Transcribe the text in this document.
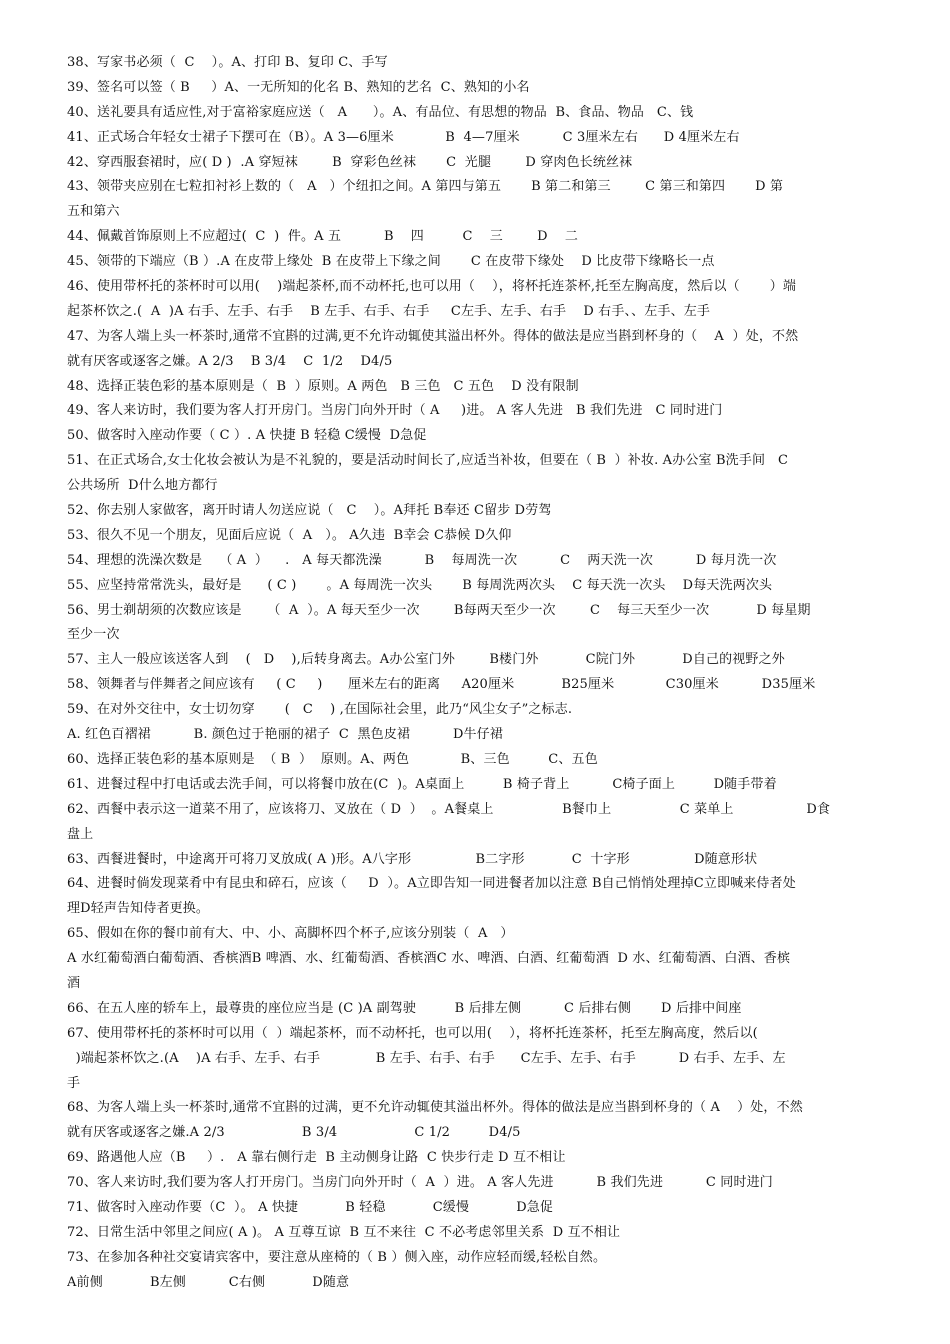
38、写家书必须（  C    ）。A、打印 B、复印 C、手写
39、签名可以签（ B     ）A、一无所知的化名 B、熟知的艺名  C、熟知的小名
40、送礼要具有适应性,对于富裕家庭应送（   A      ）。A、有品位、有思想的物品  B、食品、物品   C、钱
41、正式场合年轻女士裙子下摆可在（B）。A 3—6厘米            B  4—7厘米          C 3厘米左右      D 4厘米左右
42、穿西服套裙时，应( D )  .A 穿短袜        B  穿彩色丝袜       C  光腿        D 穿肉色长统丝袜
43、领带夹应别在七粒扣衬衫上数的（   A   ）个纽扣之间。A 第四与第五       B 第二和第三        C 第三和第四       D 第
五和第六
44、佩戴首饰原则上不应超过(  C  )  件。A 五          B    四         C    三        D    二
45、领带的下端应（B ）.A 在皮带上缘处  B 在皮带上下缘之间       C 在皮带下缘处    D 比皮带下缘略长一点
46、使用带杯托的茶杯时可以用(    )端起茶杯,而不动杯托,也可以用（    ），将杯托连茶杯,托至左胸高度，然后以（       ）端
起茶杯饮之.(  A  )A 右手、左手、右手    B 左手、右手、右手     C左手、左手、右手    D 右手、、左手、左手
47、为客人端上头一杯茶时,通常不宜斟的过满,更不允许动辄使其溢出杯外。得体的做法是应当斟到杯身的（    A  ）处，不然
就有厌客或逐客之嫌。A 2/3    B 3/4    C  1/2    D4/5
48、选择正装色彩的基本原则是（  B  ）原则。A 两色   B 三色   C 五色    D 没有限制
49、客人来访时，我们要为客人打开房门。当房门向外开时（ A     )进。 A 客人先进   B 我们先进   C 同时进门
50、做客时入座动作要（ C ）. A 快捷 B 轻稳 C缓慢  D急促
51、在正式场合,女士化妆会被认为是不礼貌的，要是活动时间长了,应适当补妆，但要在（ B  ）补妆. A办公室 B洗手间   C
公共场所  D什么地方都行
52、你去别人家做客，离开时请人勿送应说（   C    ）。A拜托 B奉还 C留步 D劳驾
53、很久不见一个朋友，见面后应说（  A   ）。 A久违  B幸会 C恭候 D久仰
54、理想的洗澡次数是    （ A  ）    .   A 每天都洗澡          B    每周洗一次          C    两天洗一次          D 每月洗一次
55、应坚持常常洗头，最好是      ( C )       。A 每周洗一次头       B 每周洗两次头    C 每天洗一次头    D每天洗两次头
56、男士剃胡须的次数应该是      （  A  ）。A 每天至少一次        B每两天至少一次        C    每三天至少一次           D 每星期
至少一次
57、主人一般应该送客人到    (   D    ),后转身离去。A办公室门外        B楼门外           C院门外           D自己的视野之外
58、领舞者与伴舞者之间应该有     ( C     )      厘米左右的距离     A20厘米           B25厘米            C30厘米          D35厘米
59、在对外交往中，女士切勿穿       (   C    ) ,在国际社会里，此乃“风尘女子”之标志.
A. 红色百褶裙          B. 颜色过于艳丽的裙子  C  黑色皮裙          D牛仔裙
60、选择正装色彩的基本原则是  （ B  ）  原则。A、两色            B、三色         C、五色
61、进餐过程中打电话或去洗手间，可以将餐巾放在(C  )。A桌面上         B 椅子背上          C椅子面上         D随手带着
62、西餐中表示这一道菜不用了，应该将刀、叉放在（ D  ）  。A餐桌上                B餐巾上                C 菜单上                 D食
盘上
63、西餐进餐时，中途离开可将刀叉放成( A )形。A八字形               B二字形           C  十字形               D随意形状
64、进餐时倘发现菜肴中有昆虫和碎石，应该（     D  ）。A立即告知一同进餐者加以注意 B自己悄悄处理掉C立即喊来侍者处
理D轻声告知侍者更换。
65、假如在你的餐巾前有大、中、小、高脚杯四个杯子,应该分别装（  A   ）
A 水红葡萄酒白葡萄酒、香槟酒B 啤酒、水、红葡萄酒、香槟酒C 水、啤酒、白酒、红葡萄酒  D 水、红葡萄酒、白酒、香槟
酒
66、在五人座的轿车上，最尊贵的座位应当是 (C )A 副驾驶         B 后排左侧          C 后排右侧       D 后排中间座
67、使用带杯托的茶杯时可以用（  ）端起茶杯，而不动杯托，也可以用(    ），将杯托连茶杯，托至左胸高度，然后以(
)端起茶杯饮之.(A    )A 右手、左手、右手             B 左手、右手、右手      C左手、左手、右手          D 右手、左手、左
手
68、为客人端上头一杯茶时,通常不宜斟的过满，更不允许动辄使其溢出杯外。得体的做法是应当斟到杯身的（ A    ）处，不然
就有厌客或逐客之嫌.A 2/3                  B 3/4                  C 1/2         D4/5
69、路遇他人应（B     ）.   A 靠右侧行走  B 主动侧身让路  C 快步行走 D 互不相让
70、客人来访时,我们要为客人打开房门。当房门向外开时（  A  ）进。 A 客人先进          B 我们先进          C 同时进门
71、做客时入座动作要（C  ）。 A 快捷           B 轻稳           C缓慢           D急促
72、日常生活中邻里之间应( A )。 A 互尊互谅  B 互不来往  C 不必考虑邻里关系  D 互不相让
73、在参加各种社交宴请宾客中，要注意从座椅的（ B ）侧入座，动作应轻而缓,轻松自然。
A前侧           B左侧          C右侧           D随意
